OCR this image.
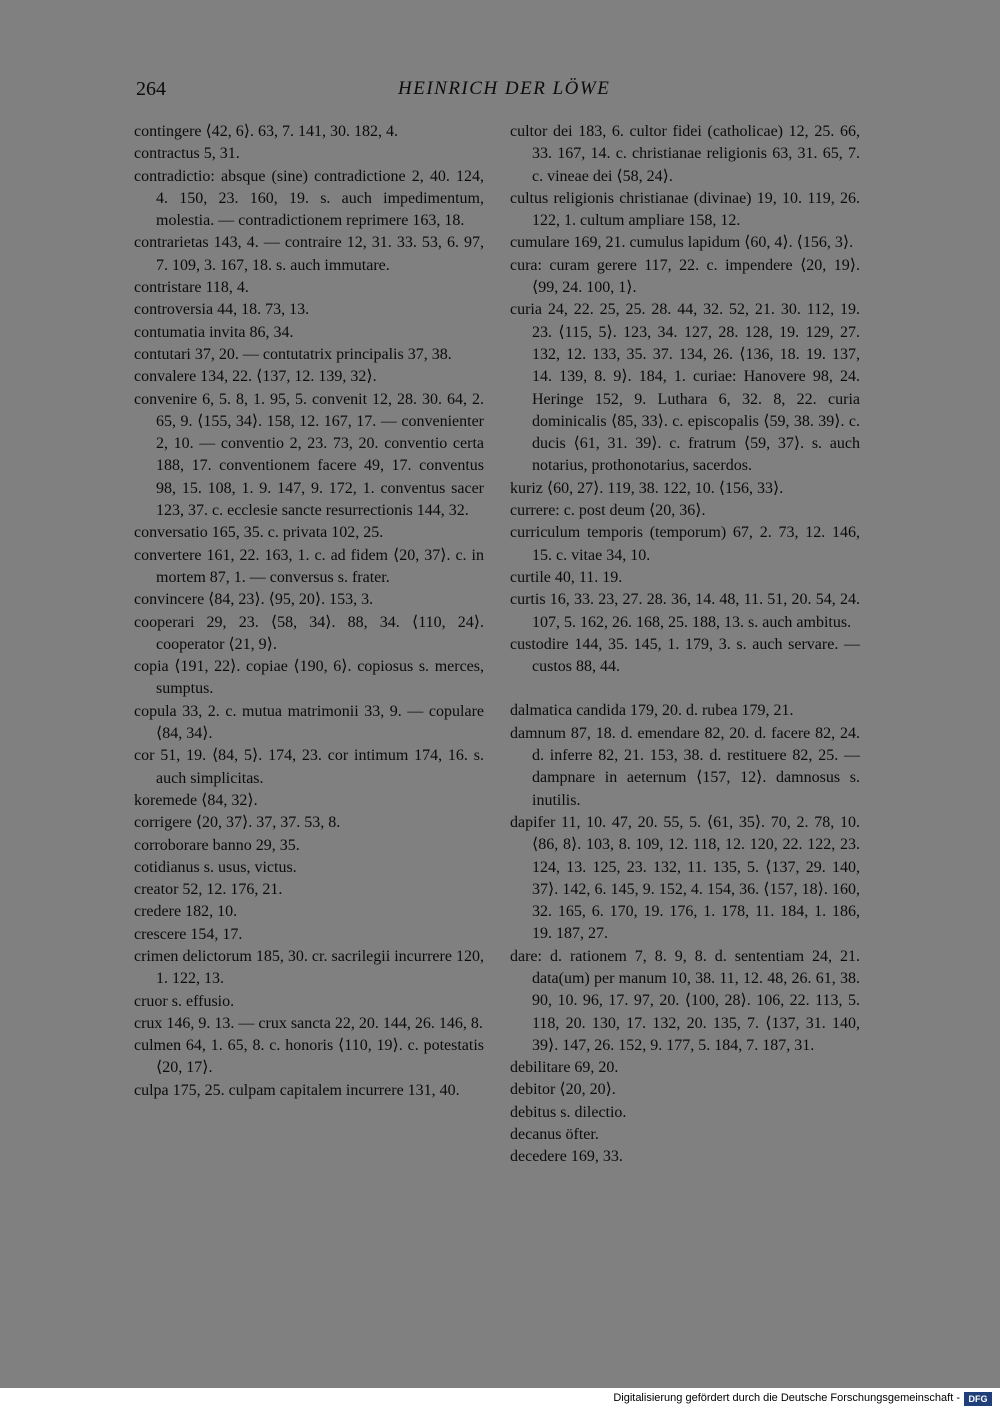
264	HEINRICH DER LÖWE
contingere ⟨42, 6⟩. 63, 7. 141, 30. 182, 4.
contractus 5, 31.
contradictio: absque (sine) contradictione 2, 40. 124, 4. 150, 23. 160, 19. s. auch impedimentum, molestia. — contradictionem reprimere 163, 18.
contrarietas 143, 4. — contraire 12, 31. 33. 53, 6. 97, 7. 109, 3. 167, 18. s. auch immutare.
contristare 118, 4.
controversia 44, 18. 73, 13.
contumatia invita 86, 34.
contutari 37, 20. — contutatrix principalis 37, 38.
convalere 134, 22. ⟨137, 12. 139, 32⟩.
convenire 6, 5. 8, 1. 95, 5. convenit 12, 28. 30. 64, 2. 65, 9. ⟨155, 34⟩. 158, 12. 167, 17. — convenienter 2, 10. — conventio 2, 23. 73, 20. conventio certa 188, 17. conventionem facere 49, 17. conventus 98, 15. 108, 1. 9. 147, 9. 172, 1. conventus sacer 123, 37. c. ecclesie sancte resurrectionis 144, 32.
conversatio 165, 35. c. privata 102, 25.
convertere 161, 22. 163, 1. c. ad fidem ⟨20, 37⟩. c. in mortem 87, 1. — conversus s. frater.
convincere ⟨84, 23⟩. ⟨95, 20⟩. 153, 3.
cooperari 29, 23. ⟨58, 34⟩. 88, 34. ⟨110, 24⟩. cooperator ⟨21, 9⟩.
copia ⟨191, 22⟩. copiae ⟨190, 6⟩. copiosus s. merces, sumptus.
copula 33, 2. c. mutua matrimonii 33, 9. — copulare ⟨84, 34⟩.
cor 51, 19. ⟨84, 5⟩. 174, 23. cor intimum 174, 16. s. auch simplicitas.
koremede ⟨84, 32⟩.
corrigere ⟨20, 37⟩. 37, 37. 53, 8.
corroborare banno 29, 35.
cotidianus s. usus, victus.
creator 52, 12. 176, 21.
credere 182, 10.
crescere 154, 17.
crimen delictorum 185, 30. cr. sacrilegii incurrere 120, 1. 122, 13.
cruor s. effusio.
crux 146, 9. 13. — crux sancta 22, 20. 144, 26. 146, 8.
culmen 64, 1. 65, 8. c. honoris ⟨110, 19⟩. c. potestatis ⟨20, 17⟩.
culpa 175, 25. culpam capitalem incurrere 131, 40.
cultor dei 183, 6. cultor fidei (catholicae) 12, 25. 66, 33. 167, 14. c. christianae religionis 63, 31. 65, 7. c. vineae dei ⟨58, 24⟩.
cultus religionis christianae (divinae) 19, 10. 119, 26. 122, 1. cultum ampliare 158, 12.
cumulare 169, 21. cumulus lapidum ⟨60, 4⟩. ⟨156, 3⟩.
cura: curam gerere 117, 22. c. impendere ⟨20, 19⟩. ⟨99, 24. 100, 1⟩.
curia 24, 22. 25, 25. 28. 44, 32. 52, 21. 30. 112, 19. 23. ⟨115, 5⟩. 123, 34. 127, 28. 128, 19. 129, 27. 132, 12. 133, 35. 37. 134, 26. ⟨136, 18. 19. 137, 14. 139, 8. 9⟩. 184, 1. curiae: Hanovere 98, 24. Heringe 152, 9. Luthara 6, 32. 8, 22. curia dominicalis ⟨85, 33⟩. c. episcopalis ⟨59, 38. 39⟩. c. ducis ⟨61, 31. 39⟩. c. fratrum ⟨59, 37⟩. s. auch notarius, prothonotarius, sacerdos.
kuriz ⟨60, 27⟩. 119, 38. 122, 10. ⟨156, 33⟩.
currere: c. post deum ⟨20, 36⟩.
curriculum temporis (temporum) 67, 2. 73, 12. 146, 15. c. vitae 34, 10.
curtile 40, 11. 19.
curtis 16, 33. 23, 27. 28. 36, 14. 48, 11. 51, 20. 54, 24. 107, 5. 162, 26. 168, 25. 188, 13. s. auch ambitus.
custodire 144, 35. 145, 1. 179, 3. s. auch servare. — custos 88, 44.
dalmatica candida 179, 20. d. rubea 179, 21.
damnum 87, 18. d. emendare 82, 20. d. facere 82, 24. d. inferre 82, 21. 153, 38. d. restituere 82, 25. — dampnare in aeternum ⟨157, 12⟩. damnosus s. inutilis.
dapifer 11, 10. 47, 20. 55, 5. ⟨61, 35⟩. 70, 2. 78, 10. ⟨86, 8⟩. 103, 8. 109, 12. 118, 12. 120, 22. 122, 23. 124, 13. 125, 23. 132, 11. 135, 5. ⟨137, 29. 140, 37⟩. 142, 6. 145, 9. 152, 4. 154, 36. ⟨157, 18⟩. 160, 32. 165, 6. 170, 19. 176, 1. 178, 11. 184, 1. 186, 19. 187, 27.
dare: d. rationem 7, 8. 9, 8. d. sententiam 24, 21. data(um) per manum 10, 38. 11, 12. 48, 26. 61, 38. 90, 10. 96, 17. 97, 20. ⟨100, 28⟩. 106, 22. 113, 5. 118, 20. 130, 17. 132, 20. 135, 7. ⟨137, 31. 140, 39⟩. 147, 26. 152, 9. 177, 5. 184, 7. 187, 31.
debilitare 69, 20.
debitor ⟨20, 20⟩.
debitus s. dilectio.
decanus öfter.
decedere 169, 33.
Digitalisierung gefördert durch die Deutsche Forschungsgemeinschaft - DFG
